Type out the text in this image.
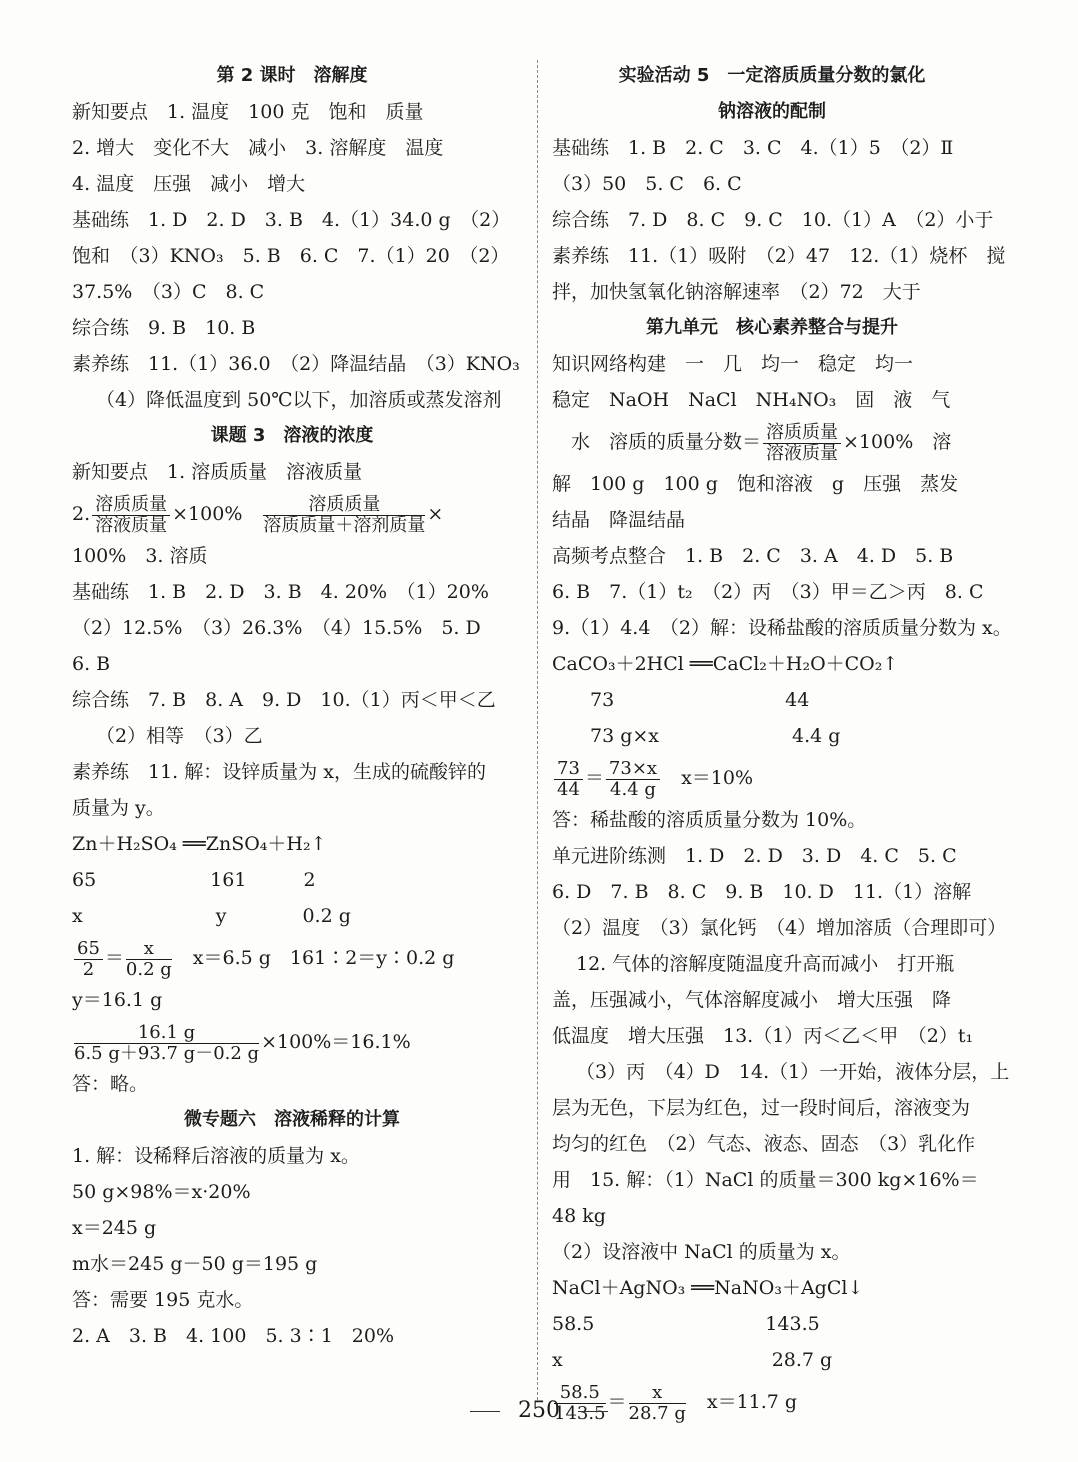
第 2 课时　溶解度
新知要点　1. 温度　100 克　饱和　质量
2. 增大　变化不大　减小　3. 溶解度　温度
4. 温度　压强　减小　增大
基础练　1. D　2. D　3. B　4.（1）34.0 g　（2）
饱和　（3）KNO₃　5. B　6. C　7.（1）20　（2）
37.5%　（3）C　8. C
综合练　9. B　10. B
素养练　11.（1）36.0　（2）降温结晶　（3）KNO₃
（4）降低温度到 50℃以下，加溶质或蒸发溶剂
课题 3　溶液的浓度
新知要点　1. 溶质质量　溶液质量
2. 溶质质量
溶液质量 ×100%　	溶质质量
溶质质量＋溶剂质量 ×
100%　3. 溶质
基础练　1. B　2. D　3. B　4. 20%　（1）20%
（2）12.5%　（3）26.3%　（4）15.5%　5. D
6. B
综合练　7. B　8. A　9. D　10.（1）丙＜甲＜乙
（2）相等　（3）乙
素养练　11. 解：设锌质量为 x，生成的硫酸锌的
质量为 y。
Zn＋H₂SO₄ ══ZnSO₄＋H₂↑
65　　　　　　161　　　2
x　　　　　　　y　　　　0.2 g
$\frac{65}{2} = \frac{x}{0.2 g}$ 　x＝6.5 g　161∶2＝y∶0.2 g
y＝16.1 g
$\frac{16.1 g}{6.5 g+93.7 g-0.2 g} \times 100\%=16.1\%$
答：略。
微专题六　溶液稀释的计算
1. 解：设稀释后溶液的质量为 x。
50 g×98%＝x·20%
x＝245 g
m水＝245 g－50 g＝195 g
答：需要 195 克水。
2. A　3. B　4. 100　5. 3∶1　20%
实验活动 5　一定溶质质量分数的氯化
钠溶液的配制
基础练　1. B　2. C　3. C　4.（1）5　（2）Ⅱ
（3）50　5. C　6. C
综合练　7. D　8. C　9. C　10.（1）A　（2）小于
素养练　11.（1）吸附　（2）47　12.（1）烧杯　搅
拌，加快氢氧化钠溶解速率　（2）72　大于
第九单元　核心素养整合与提升
知识网络构建　一　几　均一　稳定　均一
稳定　NaOH　NaCl　NH₄NO₃　固　液　气
　水　溶质的质量分数＝ 溶质质量
溶液质量 ×100%　溶
解　100 g　100 g　饱和溶液　g　压强　蒸发
结晶　降温结晶
高频考点整合　1. B　2. C　3. A　4. D　5. B
6. B　7.（1）t₂　（2）丙　（3）甲＝乙＞丙　8. C
9.（1）4.4　（2）解：设稀盐酸的溶质质量分数为 x。
CaCO₃＋2HCl ══CaCl₂＋H₂O＋CO₂↑
　　73　　　　　　　　　44
　　73 g×x　　　　　　　4.4 g
$\frac{73}{44} = \frac{73\times x}{4.4 g}$ 　x＝10%
答：稀盐酸的溶质质量分数为 10%。
单元进阶练测　1. D　2. D　3. D　4. C　5. C
6. D　7. B　8. C　9. B　10. D　11.（1）溶解
（2）温度　（3）氯化钙　（4）增加溶质（合理即可）
12. 气体的溶解度随温度升高而减小　打开瓶
盖，压强减小，气体溶解度减小　增大压强　降
低温度　增大压强　13.（1）丙＜乙＜甲　（2）t₁
（3）丙　（4）D　14.（1）一开始，液体分层，上
层为无色，下层为红色，过一段时间后，溶液变为
均匀的红色　（2）气态、液态、固态　（3）乳化作
用　15. 解：（1）NaCl 的质量＝300 kg×16%＝
48 kg
（2）设溶液中 NaCl 的质量为 x。
NaCl＋AgNO₃ ══NaNO₃＋AgCl↓
58.5　　　　　　　　　143.5
x　　　　　　　　　　　28.7 g
$\frac{58.5}{143.5} = \frac{x}{28.7 g}$ 　x＝11.7 g
250
